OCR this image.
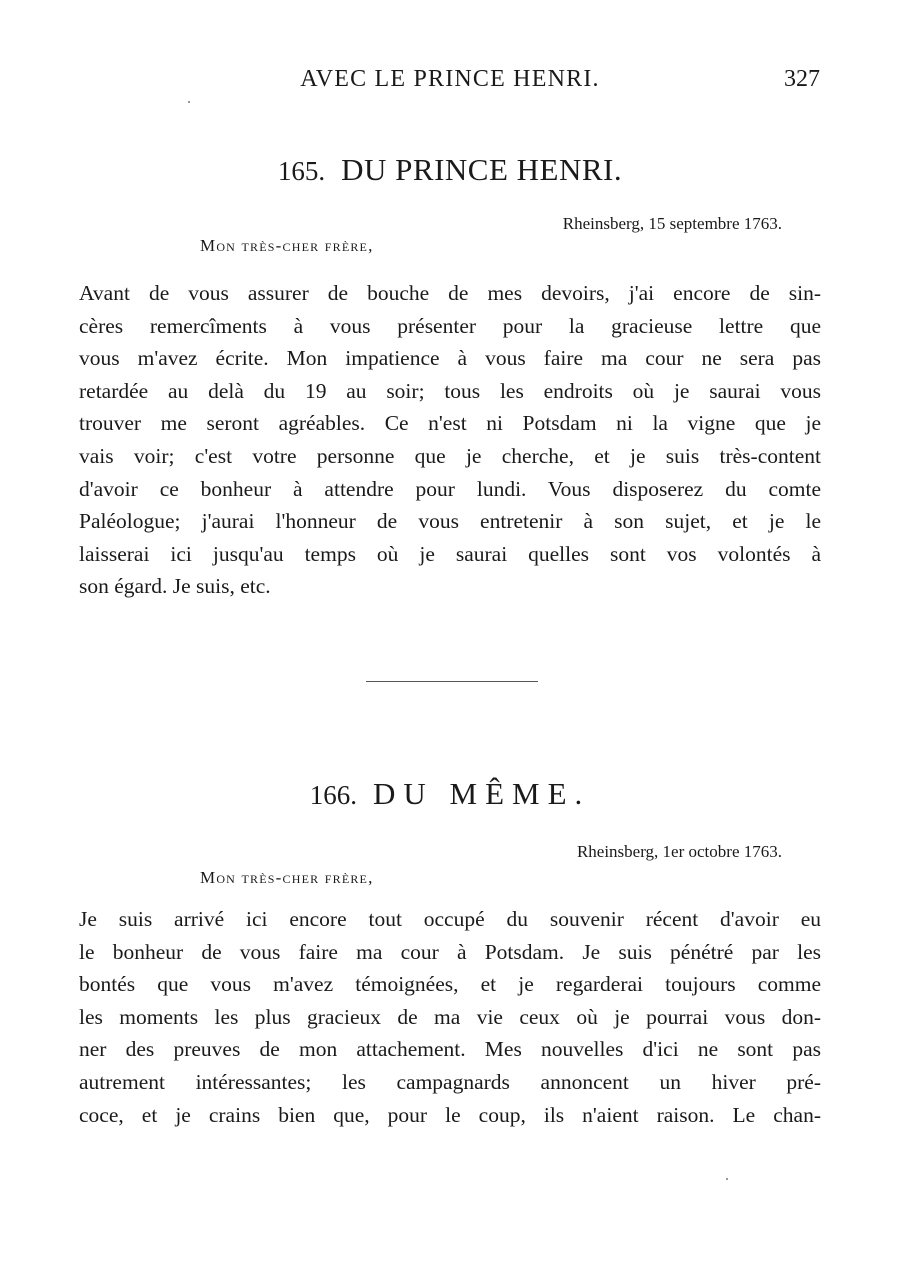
AVEC LE PRINCE HENRI.	327
165. DU PRINCE HENRI.
Rheinsberg, 15 septembre 1763.
Mon très-cher frère,
Avant de vous assurer de bouche de mes devoirs, j'ai encore de sin-
cères remercîments à vous présenter pour la gracieuse lettre que
vous m'avez écrite. Mon impatience à vous faire ma cour ne sera pas
retardée au delà du 19 au soir; tous les endroits où je saurai vous
trouver me seront agréables. Ce n'est ni Potsdam ni la vigne que je
vais voir; c'est votre personne que je cherche, et je suis très-content
d'avoir ce bonheur à attendre pour lundi. Vous disposerez du comte
Paléologue; j'aurai l'honneur de vous entretenir à son sujet, et je le
laisserai ici jusqu'au temps où je saurai quelles sont vos volontés à
son égard. Je suis, etc.
166. DU MÊME.
Rheinsberg, 1er octobre 1763.
Mon très-cher frère,
Je suis arrivé ici encore tout occupé du souvenir récent d'avoir eu
le bonheur de vous faire ma cour à Potsdam. Je suis pénétré par les
bontés que vous m'avez témoignées, et je regarderai toujours comme
les moments les plus gracieux de ma vie ceux où je pourrai vous don-
ner des preuves de mon attachement. Mes nouvelles d'ici ne sont pas
autrement intéressantes; les campagnards annoncent un hiver pré-
coce, et je crains bien que, pour le coup, ils n'aient raison. Le chan-
